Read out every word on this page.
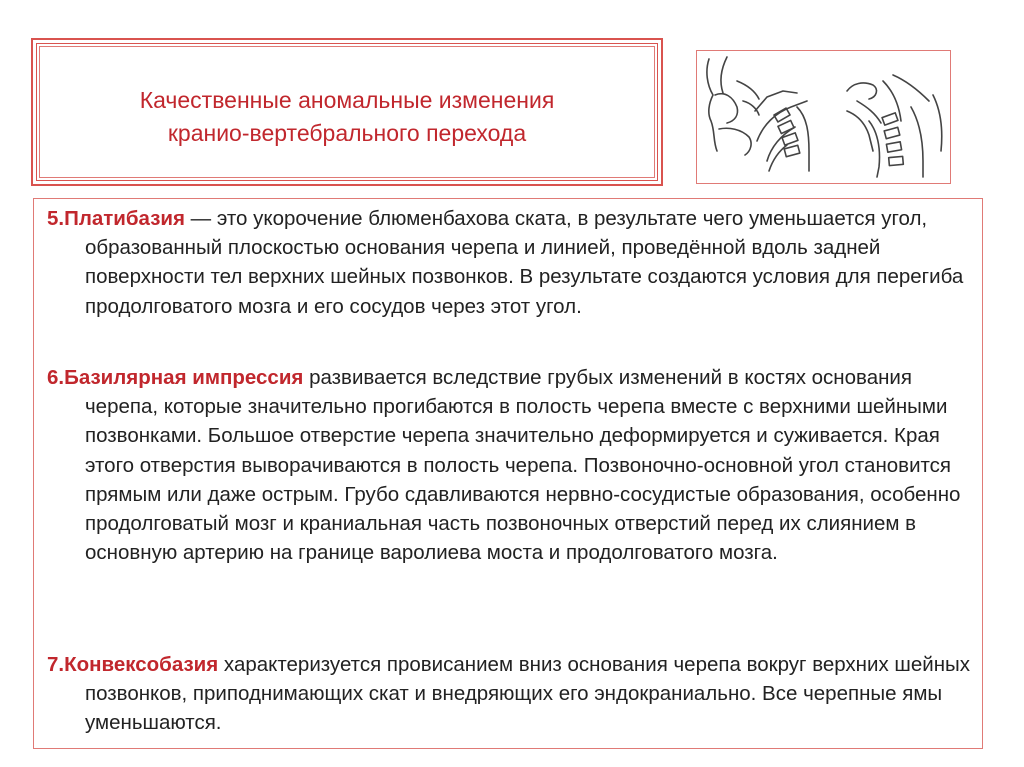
Качественные аномальные изменения
кранио-вертебрального перехода
5.Платибазия — это укорочение блюменбахова ската, в результате чего уменьшается угол, образованный плоскостью основания черепа и линией, проведённой вдоль задней поверхности тел верхних шейных позвонков. В результате создаются условия для перегиба продолговатого мозга и его сосудов через этот угол.
6.Базилярная импрессия развивается вследствие грубых изменений в костях основания черепа, которые значительно прогибаются в полость черепа вместе с верхними шейными позвонками. Большое отверстие черепа значительно деформируется и суживается. Края этого отверстия выворачиваются в полость черепа. Позвоночно-основной угол становится прямым или даже острым. Грубо сдавливаются нервно-сосудистые образования, особенно продолговатый мозг и краниальная часть позвоночных отверстий перед их слиянием в основную артерию на границе варолиева моста и продолговатого мозга.
7.Конвексобазия характеризуется провисанием вниз основания черепа вокруг верхних шейных позвонков, приподнимающих скат и внедряющих его эндокраниально. Все черепные ямы уменьшаются.
